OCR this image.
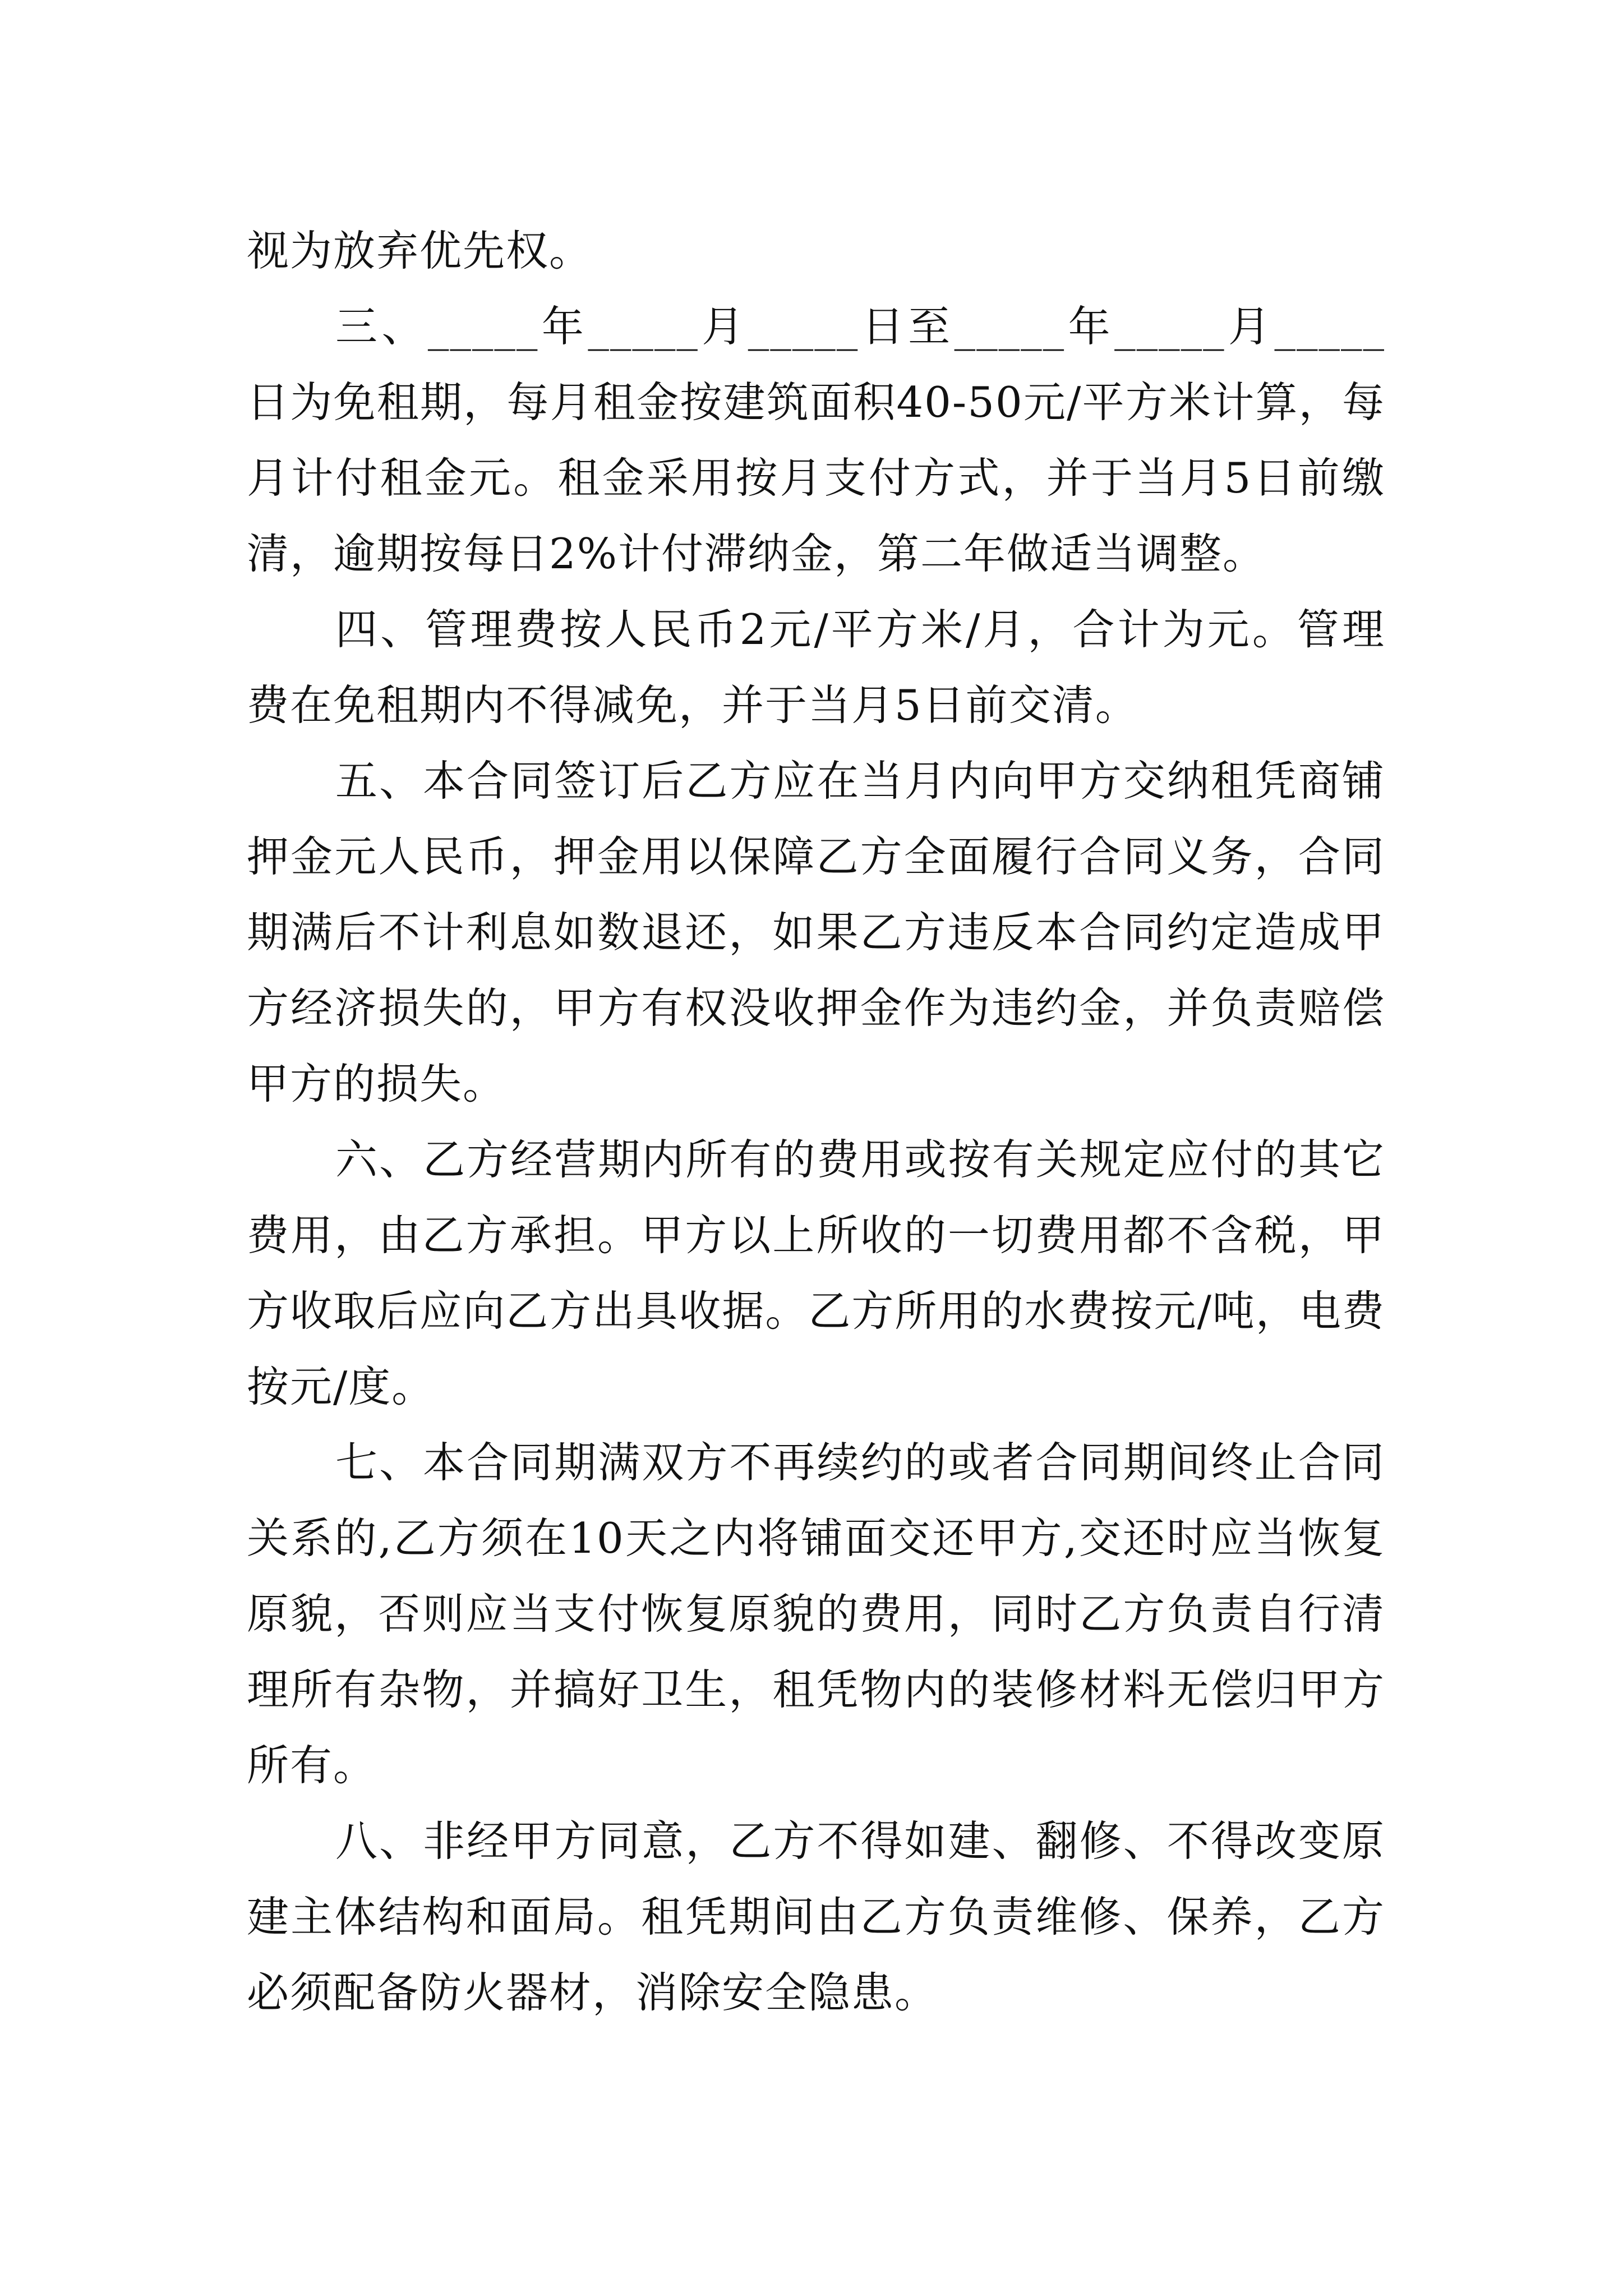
视为放弃优先权。

三、_____年_____月_____日至_____年_____月_____日为免租期，每月租金按建筑面积40-50元/平方米计算，每月计付租金元。租金采用按月支付方式，并于当月5日前缴清，逾期按每日2%计付滞纳金，第二年做适当调整。

四、管理费按人民币2元/平方米/月，合计为元。管理费在免租期内不得减免，并于当月5日前交清。

五、本合同签订后乙方应在当月内向甲方交纳租凭商铺押金元人民币，押金用以保障乙方全面履行合同义务，合同期满后不计利息如数退还，如果乙方违反本合同约定造成甲方经济损失的，甲方有权没收押金作为违约金，并负责赔偿甲方的损失。

六、乙方经营期内所有的费用或按有关规定应付的其它费用，由乙方承担。甲方以上所收的一切费用都不含税，甲方收取后应向乙方出具收据。乙方所用的水费按元/吨，电费按元/度。

七、本合同期满双方不再续约的或者合同期间终止合同关系的,乙方须在10天之内将铺面交还甲方,交还时应当恢复原貌，否则应当支付恢复原貌的费用，同时乙方负责自行清理所有杂物，并搞好卫生，租凭物内的装修材料无偿归甲方所有。

八、非经甲方同意，乙方不得如建、翻修、不得改变原建主体结构和面局。租凭期间由乙方负责维修、保养，乙方必须配备防火器材，消除安全隐患。
